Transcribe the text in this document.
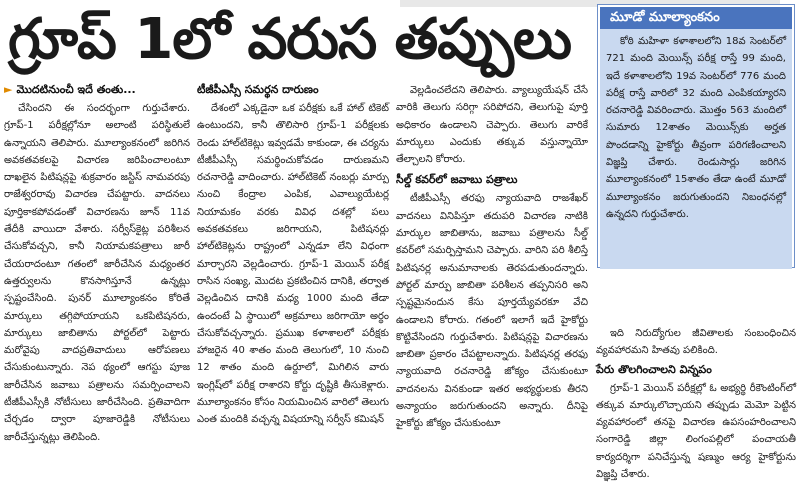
గ్రూప్ 1లో వరుస తప్పులు
► మొదటినుంచీ ఇదే తంతు...

చేసిందని ఈ సందర్భంగా గుర్తుచేశారు. గ్రూప్-1 పరీక్షల్లోనూ అలాంటి పరిస్థితులే ఉన్నాయని తెలిపారు. మూల్యాంకనంలో జరిగిన అవకతవకలపై విచారణ జరిపించాలంటూ దాఖలైన పిటిషన్లపై శుక్రవారం జస్టిస్ నామవరపు రాజేశ్వరరావు విచారణ చేపట్టారు. వాదనలు పూర్తికాకపోవడంతో విచారణను జూన్ 11వ తేదీకి వాయిదా వేశారు. సర్వీస్‌కైట్ల పరిశీలన చేసుకోవచ్చని, కానీ నియామకపత్రాలు జారీ చేయరాదంటూ గతంలో జారీచేసిన మధ్యంతర ఉత్తర్వులను కొనసాగిస్తూనే ఉన్నట్లు స్పష్టంచేసింది. పునర్ మూల్యాంకనం కోరితే మార్కులు తగ్గిపోయాయని ఒకపిటిషనరు, మార్కులు జాబితాను పోర్టల్‌లో పెట్టారు మరోవైపు వాదప్రతివాదులు ఆరోపణలు చేసుకుంటున్నారు. నెప థ్యంలో ఆగస్టు పూజ జారీచేసిన జవాబు పత్రాలను సమర్పించాలని టీజీపీఎస్సీకి నోటీసులు జారీచేసింది. ప్రతివాదిగా చేర్చడం ద్వారా పూజారెడ్డికి నోటీసులు జారీచేస్తున్నట్లు తెలిపింది.

టీజీపీఎస్సీ సమర్థన దారుణం

దేశంలో ఎక్కడైనా ఒక పరీక్షకు ఒకే హాల్ టికెట్ ఉంటుందని, కానీ తొలిసారి గ్రూప్-1 పరీక్షలకు రెండు హాల్‌టికెట్లు ఇవ్వడమే కాకుండా, ఈ చర్యను టీజీపీఎస్సీ సమర్థించుకోవడం దారుణమని రచనారెడ్డి వాదించారు. హాల్‌టికెట్ నంబర్లు మార్పు నుంచి కేంద్రాల ఎంపిక, ఎవాల్యుయేటర్ల నియామకం వరకు వివిధ దశల్లో పలు అవకతవకలు జరిగాయని, పిటిషనర్లు హాల్‌టికెట్లను రాష్ట్రంలో ఎన్నడూ లేని విధంగా మార్చారని వెల్లడించారు. గ్రూప్-1 మెయిన్ పరీక్ష రాసిన సంఖ్య, మొదట ప్రకటించిన దానికి, తర్వాత వెల్లడించిన దానికి మధ్య 1000 మంది తేడా ఉందంటే ఏ స్థాయిలో అక్రమాలు జరిగాయో అర్థం చేసుకోవచ్చన్నారు. ప్రముఖ కళాశాలలో పరీక్షకు హాజరైన 40 శాతం మంది తెలుగులో, 10 నుంచి 12 శాతం మంది ఉర్దూలో, మిగిలిన వారు ఇంగ్లిష్‌లో పరీక్ష రాశారని కోర్టు దృష్టికి తీసుకెళ్లారు. మూల్యాంకనం కోసం నియమించిన వారిలో తెలుగు ఎంత మందికి వచ్చన్న విషయాన్ని సర్వీస్ కమిషన్

వెల్లడించలేదని తెలిపారు. వ్యాల్యుయేషన్ చేసే వారికి తెలుగు సరిగ్గా సరిపోదని, తెలుగుపై పూర్తి అధికారం ఉండాలని చెప్పారు. తెలుగు వారికే మార్కులు ఎందుకు తక్కువ వస్తున్నాయో తేల్చాలని కోరారు.

సీల్డ్ కవర్‌లో జవాబు పత్రాలు

టీజీపీఎస్సీ తరఫు న్యాయవాది రాజశేఖర్ వాదనలు వినిపిస్తూ తదుపరి విచారణ నాటికి మార్కుల జాబితాను, జవాబు పత్రాలను సీల్డ్ కవర్‌లో సమర్పిస్తామని చెప్పారు. వారిని పరి శీలిస్తే పిటిషనర్ల అనుమానాలకు తెరపడుతుందన్నారు. పోర్టల్ మార్పు జాబితా పరిశీలన తప్పనిసరి అని స్పష్టమైనందున కేసు పూర్తయ్యేవరకూ వేచి ఉండాలని కోరారు. గతంలో ఇలాగే ఇదే హైకోర్టు కొట్టివేసిందని గుర్తుచేశారు. పిటిషన్లపై విచారణను జాబితా ప్రకారం చేపట్టాలన్నారు. పిటిషనర్ల తరఫు న్యాయవాది రచనారెడ్డి జోక్యం చేసుకుంటూ వాదనలను వినకుండా ఇతర అభ్యర్థులకు తీరని అన్యాయం జరుగుతుందని అన్నారు. దీనిపై హైకోర్టు జోక్యం చేసుకుంటూ

మూడో మూల్యాంకనం

కోఠి మహిళా కళాశాలలోని 18వ సెంటర్‌లో 721 మంది మెయిన్స్ పరీక్ష రాస్తే 99 మంది, ఇదే కళాశాలలోని 19వ సెంటర్‌లో 776 మంది పరీక్ష రాస్తే వారిలో 32 మంది ఎంపికయ్యారని రచనారెడ్డి వివరించారు. మొత్తం 563 మందిలో సుమారు 12శాతం మెయిన్స్‌కు అర్హత పొందడాన్ని హైకోర్టు తీవ్రంగా పరిగణించాలని విజ్ఞప్తి చేశారు. రెండుసార్లు జరిగిన మూల్యాంకనంలో 15శాతం తేడా ఉంటే మూడో మూల్యాంకనం జరుగుతుందని నిబంధనల్లో ఉన్నదని గుర్తుచేశారు.

ఇది నిరుద్యోగుల జీవితాలకు సంబంధించిన వ్యవహారమని హితవు పలికింది.

పేరు తొలగించాలని విన్నపం

గ్రూప్-1 మెయిన్ పరీక్షల్లో ఓ అభ్యర్థి రీకౌంటింగ్‌లో తక్కువ మార్కులొచ్చాయని తప్పుడు మెమో పెట్టిన వ్యవహారంలో తనపై విచారణ ఉపసంహరించాలని సంగారెడ్డి జిల్లా లింగంపల్లిలో పంచాయతీ కార్యదర్శిగా పనిచేస్తున్న షణ్ముం ఆర్య హైకోర్టును విజ్ఞప్తి చేశారు.
